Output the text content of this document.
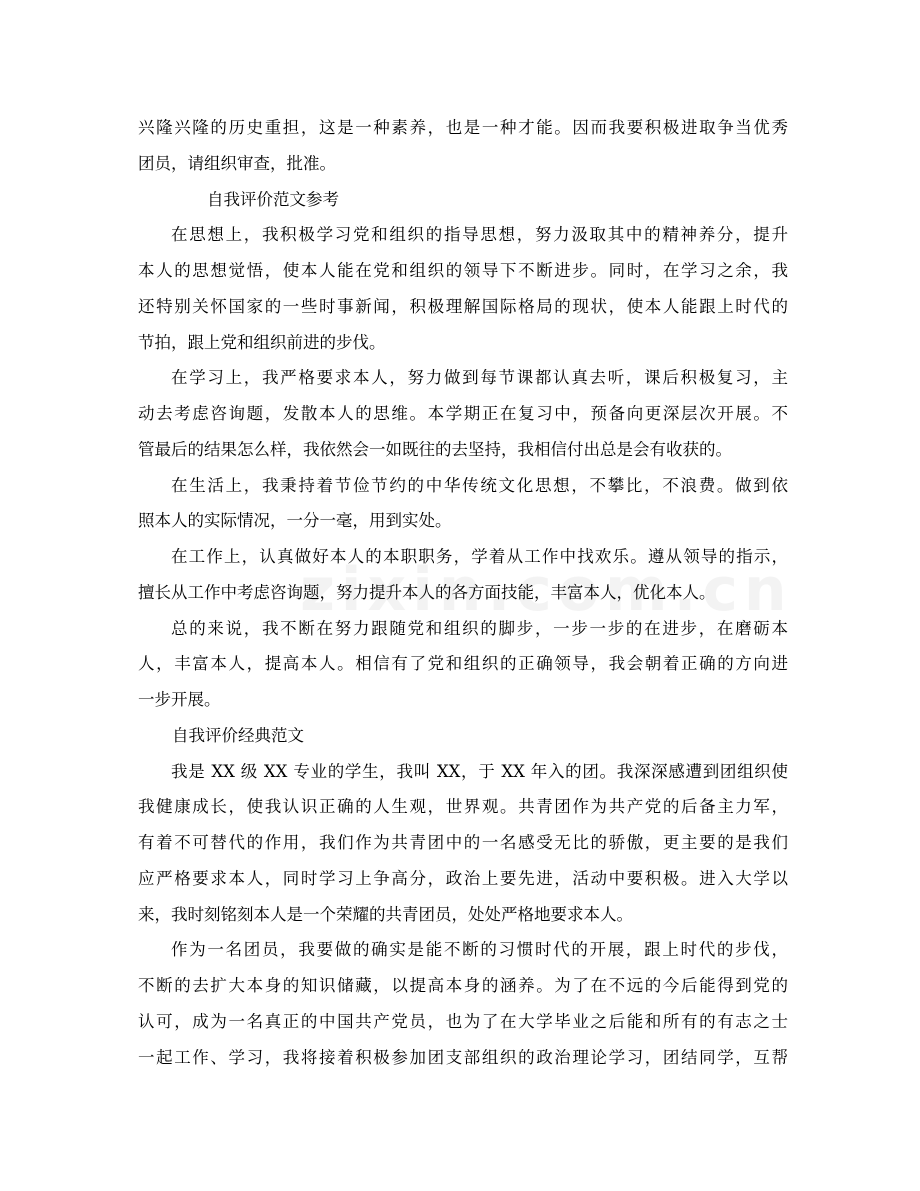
兴隆兴隆的历史重担，这是一种素养，也是一种才能。因而我要积极进取争当优秀
团员，请组织审查，批准。
自我评价范文参考
在思想上，我积极学习党和组织的指导思想，努力汲取其中的精神养分，提升
本人的思想觉悟，使本人能在党和组织的领导下不断进步。同时，在学习之余，我
还特别关怀国家的一些时事新闻，积极理解国际格局的现状，使本人能跟上时代的
节拍，跟上党和组织前进的步伐。
在学习上，我严格要求本人，努力做到每节课都认真去听，课后积极复习，主
动去考虑咨询题，发散本人的思维。本学期正在复习中，预备向更深层次开展。不
管最后的结果怎么样，我依然会一如既往的去坚持，我相信付出总是会有收获的。
在生活上，我秉持着节俭节约的中华传统文化思想，不攀比，不浪费。做到依
照本人的实际情况，一分一毫，用到实处。
在工作上，认真做好本人的本职职务，学着从工作中找欢乐。遵从领导的指示，
擅长从工作中考虑咨询题，努力提升本人的各方面技能，丰富本人，优化本人。
总的来说，我不断在努力跟随党和组织的脚步，一步一步的在进步，在磨砺本
人，丰富本人，提高本人。相信有了党和组织的正确领导，我会朝着正确的方向进
一步开展。
自我评价经典范文
我是 XX 级 XX 专业的学生，我叫 XX，于 XX 年入的团。我深深感遭到团组织使
我健康成长，使我认识正确的人生观，世界观。共青团作为共产党的后备主力军，
有着不可替代的作用，我们作为共青团中的一名感受无比的骄傲，更主要的是我们
应严格要求本人，同时学习上争高分，政治上要先进，活动中要积极。进入大学以
来，我时刻铭刻本人是一个荣耀的共青团员，处处严格地要求本人。
作为一名团员，我要做的确实是能不断的习惯时代的开展，跟上时代的步伐，
不断的去扩大本身的知识储藏，以提高本身的涵养。为了在不远的今后能得到党的
认可，成为一名真正的中国共产党员，也为了在大学毕业之后能和所有的有志之士
一起工作、学习，我将接着积极参加团支部组织的政治理论学习，团结同学，互帮
